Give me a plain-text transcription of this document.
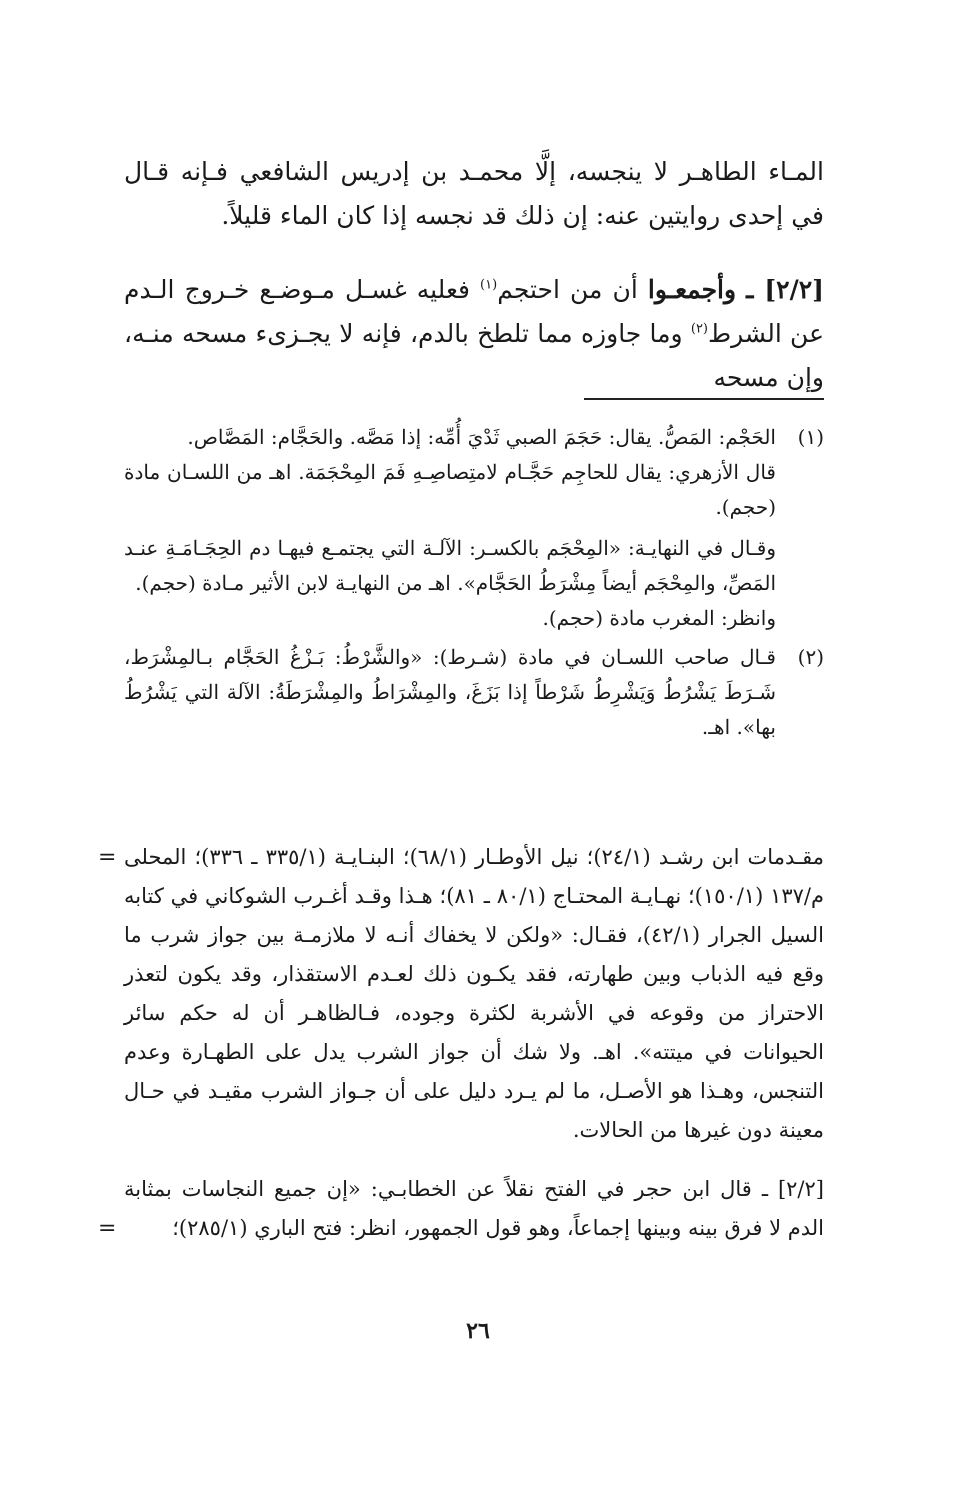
المـاء الطاهـر لا ينجسه، إلَّا محمـد بن إدريس الشافعي فـإنه قـال في إحدى روايتين عنه: إن ذلك قد نجسه إذا كان الماء قليلاً.

[٢/٢] ـ وأجمعـوا أن من احتجم$^{(١)}$ فعليه غسـل مـوضـع خـروج الـدم عن الشرط$^{(٢)}$ وما جاوزه مما تلطخ بالدم، فإنه لا يجـزىء مسحه منـه، وإن مسحه

(١)
الحَجْم: المَصُّ. يقال: حَجَمَ الصبي ثَدْيَ أُمِّه: إذا مَصَّه. والحَجَّام: المَصَّاص.
قال الأزهري: يقال للحاجِم حَجَّـام لامتِصاصِـهِ فَمَ المِحْجَمَة. اهـ من اللسـان مادة (حجم).
وقـال في النهايـة: «المِحْجَم بالكسـر: الآلـة التي يجتمـع فيهـا دم الحِجَـامَـةِ عنـد المَصِّ، والمِحْجَم أيضاً مِشْرَطُ الحَجَّام». اهـ من النهايـة لابن الأثير مـادة (حجم).
وانظر: المغرب مادة (حجم).
(٢)
قـال صاحب اللسـان في مادة (شـرط): «والشَّرْطُ: بَـزْغُ الحَجَّام بـالمِشْرَط، شَـرَطَ يَشْرُطُ وَيَشْرِطُ شَرْطاً إذا بَزَغَ، والمِشْرَاطُ والمِشْرَطَةُ: الآلة التي يَشْرُطُ بها». اهـ.
= مقـدمات ابن رشـد (٢٤/١)؛ نيل الأوطـار (٦٨/١)؛ البنـايـة (٣٣٥/١ ـ ٣٣٦)؛ المحلى م/١٣٧ (١٥٠/١)؛ نهـايـة المحتـاج (٨٠/١ ـ ٨١)؛ هـذا وقـد أغـرب الشوكاني في كتابه السيل الجرار (٤٢/١)، فقـال: «ولكن لا يخفاك أنـه لا ملازمـة بين جواز شرب ما وقع فيه الذباب وبين طهارته، فقد يكـون ذلك لعـدم الاستقذار، وقد يكون لتعذر الاحتراز من وقوعه في الأشربة لكثرة وجوده، فـالظاهـر أن له حكم سائر الحيوانات في ميتته». اهـ. ولا شك أن جواز الشرب يدل على الطهـارة وعدم التنجس، وهـذا هو الأصـل، ما لم يـرد دليل على أن جـواز الشرب مقيـد في حـال معينة دون غيرها من الحالات.

[٢/٢] ـ قال ابن حجر في الفتح نقلاً عن الخطابـي: «إن جميع النجاسات بمثابة الدم لا فرق بينه وبينها إجماعاً، وهو قول الجمهور، انظر: فتح الباري (٢٨٥/١)؛

=
٢٦
